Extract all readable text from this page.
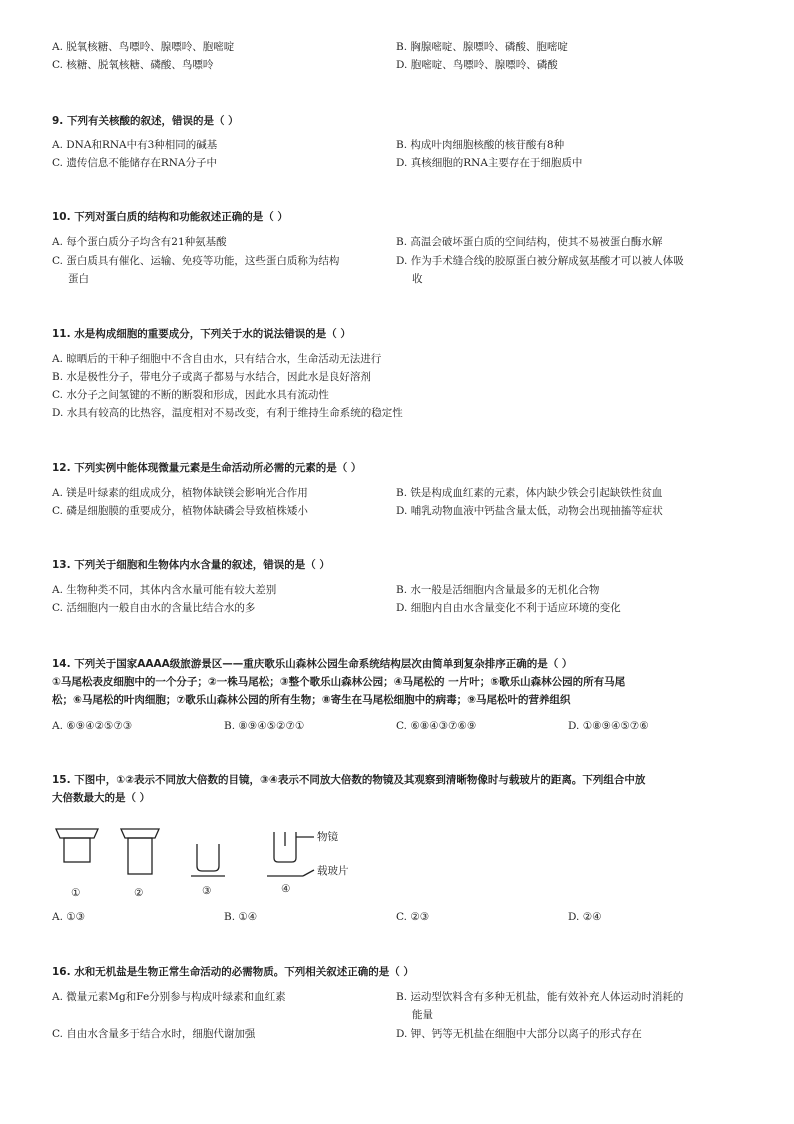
A. 脱氧核糖、鸟嘌呤、腺嘌呤、胞嘧啶	B. 胸腺嘧啶、腺嘌呤、磷酸、胞嘧啶
C. 核糖、脱氧核糖、磷酸、鸟嘌呤	D. 胞嘧啶、鸟嘌呤、腺嘌呤、磷酸
9. 下列有关核酸的叙述，错误的是（ ）
A. DNA和RNA中有3种相同的碱基	B. 构成叶肉细胞核酸的核苷酸有8种
C. 遗传信息不能储存在RNA分子中	D. 真核细胞的RNA主要存在于细胞质中
10. 下列对蛋白质的结构和功能叙述正确的是（ ）
A. 每个蛋白质分子均含有21种氨基酸	B. 高温会破坏蛋白质的空间结构，使其不易被蛋白酶水解
C. 蛋白质具有催化、运输、免疫等功能，这些蛋白质称为结构
蛋白
D. 作为手术缝合线的胶原蛋白被分解成氨基酸才可以被人体吸
收
11. 水是构成细胞的重要成分，下列关于水的说法错误的是（ ）
A. 晾晒后的干种子细胞中不含自由水，只有结合水，生命活动无法进行
B. 水是极性分子，带电分子或离子都易与水结合，因此水是良好溶剂
C. 水分子之间氢键的不断的断裂和形成，因此水具有流动性
D. 水具有较高的比热容，温度相对不易改变，有利于维持生命系统的稳定性
12. 下列实例中能体现微量元素是生命活动所必需的元素的是（ ）
A. 镁是叶绿素的组成成分，植物体缺镁会影响光合作用	B. 铁是构成血红素的元素，体内缺少铁会引起缺铁性贫血
C. 磷是细胞膜的重要成分，植物体缺磷会导致植株矮小	D. 哺乳动物血液中钙盐含量太低，动物会出现抽搐等症状
13. 下列关于细胞和生物体内水含量的叙述，错误的是（ ）
A. 生物种类不同，其体内含水量可能有较大差别	B. 水一般是活细胞内含量最多的无机化合物
C. 活细胞内一般自由水的含量比结合水的多	D. 细胞内自由水含量变化不利于适应环境的变化
14. 下列关于国家AAAA级旅游景区——重庆歌乐山森林公园生命系统结构层次由简单到复杂排序正确的是（ ）
①马尾松表皮细胞中的一个分子；②一株马尾松；③整个歌乐山森林公园；④马尾松的 一片叶；⑤歌乐山森林公园的所有马尾
松；⑥马尾松的叶肉细胞；⑦歌乐山森林公园的所有生物；⑧寄生在马尾松细胞中的病毒；⑨马尾松叶的营养组织
A. ⑥⑨④②⑤⑦③	B. ⑧⑨④⑤②⑦①	C. ⑥⑧④③⑦⑥⑨	D. ①⑧⑨④⑤⑦⑥
15. 下图中，①②表示不同放大倍数的目镜，③④表示不同放大倍数的物镜及其观察到清晰物像时与载玻片的距离。下列组合中放
大倍数最大的是（ ）
物镜
载玻片
①	②	③	④
A. ①③	B. ①④	C. ②③	D. ②④
16. 水和无机盐是生物正常生命活动的必需物质。下列相关叙述正确的是（ ）
A. 微量元素Mg和Fe分别参与构成叶绿素和血红素	B. 运动型饮料含有多种无机盐，能有效补充人体运动时消耗的
能量
C. 自由水含量多于结合水时，细胞代谢加强	D. 钾、钙等无机盐在细胞中大部分以离子的形式存在
